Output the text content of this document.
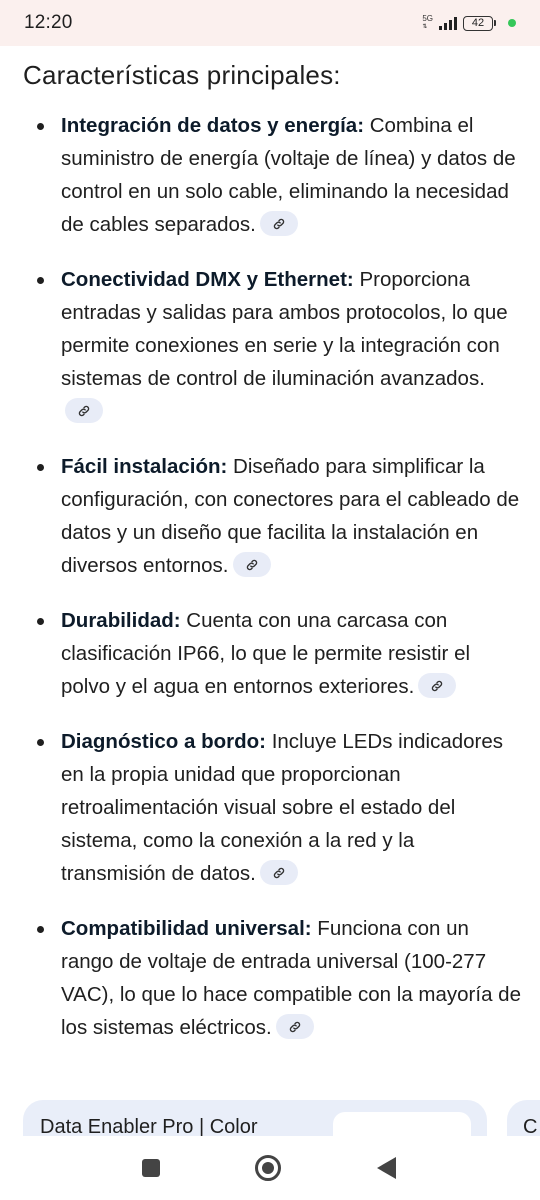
12:20	5G
⇅	42
Características principales:
Integración de datos y energía: Combina el suministro de energía (voltaje de línea) y datos de control en un solo cable, eliminando la necesidad de cables separados.
Conectividad DMX y Ethernet: Proporciona entradas y salidas para ambos protocolos, lo que permite conexiones en serie y la integración con sistemas de control de iluminación avanzados.
Fácil instalación: Diseñado para simplificar la configuración, con conectores para el cableado de datos y un diseño que facilita la instalación en diversos entornos.
Durabilidad: Cuenta con una carcasa con clasificación IP66, lo que le permite resistir el polvo y el agua en entornos exteriores.
Diagnóstico a bordo: Incluye LEDs indicadores en la propia unidad que proporcionan retroalimentación visual sobre el estado del sistema, como la conexión a la red y la transmisión de datos.
Compatibilidad universal: Funciona con un rango de voltaje de entrada universal (100-277 VAC), lo que lo hace compatible con la mayoría de los sistemas eléctricos.
Data Enabler Pro | Color	C
